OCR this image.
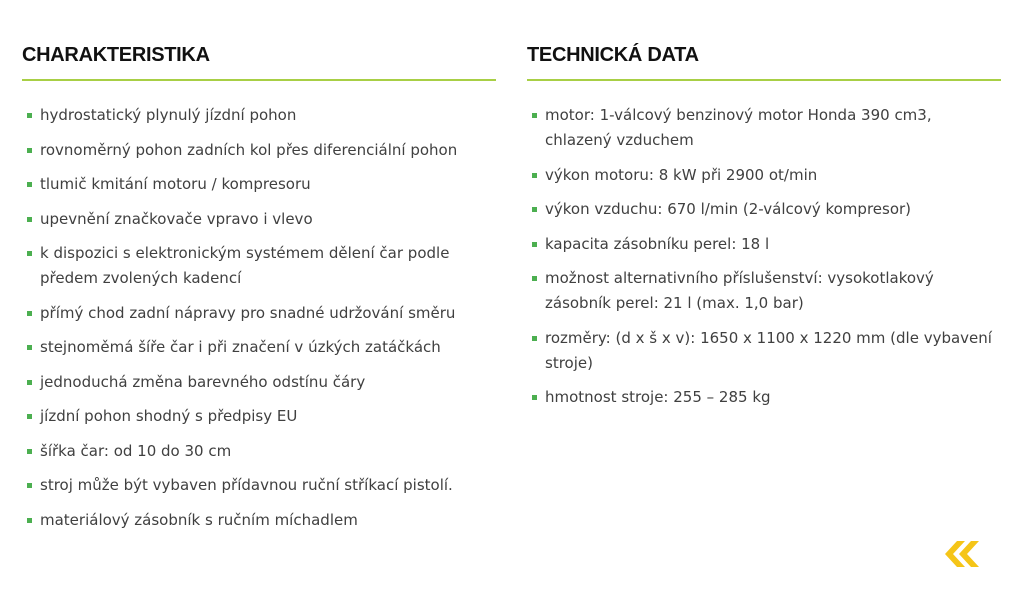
CHARAKTERISTIKA
hydrostatický plynulý jízdní pohon
rovnoměrný pohon zadních kol přes diferenciální pohon
tlumič kmitání motoru / kompresoru
upevnění značkovače vpravo i vlevo
k dispozici s elektronickým systémem dělení čar podle předem zvolených kadencí
přímý chod zadní nápravy pro snadné udržování směru
stejnoměmá šíře čar i při značení v úzkých zatáčkách
jednoduchá změna barevného odstínu čáry
jízdní pohon shodný s předpisy EU
šířka čar: od 10 do 30 cm
stroj může být vybaven přídavnou ruční stříkací pistolí.
materiálový zásobník s ručním míchadlem
TECHNICKÁ DATA
motor: 1-válcový benzinový motor Honda 390 cm3, chlazený vzduchem
výkon motoru: 8 kW při 2900 ot/min
výkon vzduchu: 670 l/min (2-válcový kompresor)
kapacita zásobníku perel: 18 l
možnost alternativního příslušenství: vysokotlakový zásobník perel: 21 l (max. 1,0 bar)
rozměry: (d x š x v): 1650 x 1100 x 1220 mm (dle vybavení stroje)
hmotnost stroje: 255 – 285 kg
